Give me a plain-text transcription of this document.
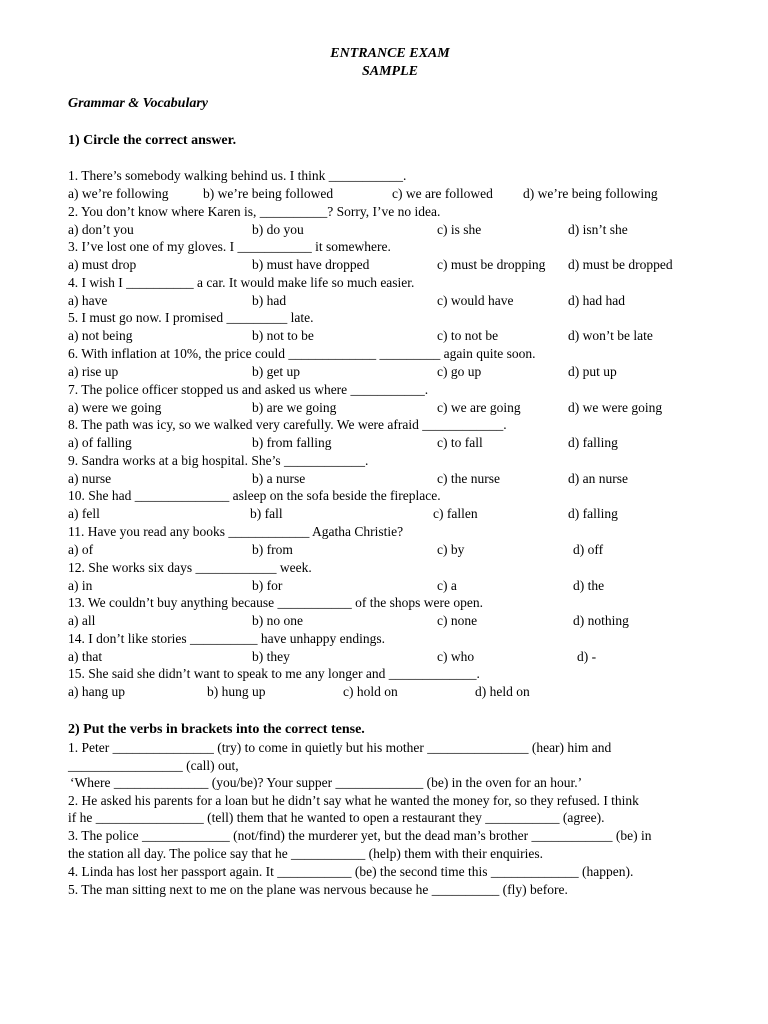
ENTRANCE EXAM
SAMPLE
Grammar & Vocabulary
1) Circle the correct answer.
1. There’s somebody walking behind us. I think ___________.
a) we’re following	b) we’re being followed	c) we are followed d) we’re being following
2. You don’t know where Karen is, __________? Sorry, I’ve no idea.
a) don’t you	b) do you	c) is she	d) isn’t she
3. I’ve lost one of my gloves. I ___________ it somewhere.
a) must drop	b) must have dropped	c) must be dropping d) must be dropped
4. I wish I __________ a car. It would make life so much easier.
a) have	b) had	c) would have	d) had had
5. I must go now. I promised _________ late.
a) not being	b) not to be	c) to not be	d) won’t be late
6. With inflation at 10%, the price could _____________ _________ again quite soon.
a) rise up	b) get up	c) go up	d) put up
7. The police officer stopped us and asked us where ___________.
a) were we going	b) are we going	c) we are going	d) we were going
8. The path was icy, so we walked very carefully. We were afraid ____________.
a) of falling	b) from falling	c) to fall	d) falling
9. Sandra works at a big hospital. She’s ____________.
a) nurse	b) a nurse	c) the nurse	d) an nurse
10. She had ______________ asleep on the sofa beside the fireplace.
a) fell	b) fall	c) fallen	d) falling
11. Have you read any books ____________ Agatha Christie?
a) of	b) from	c) by	d) off
12. She works six days ____________ week.
a) in	b) for	c) a	d) the
13. We couldn’t buy anything because ___________ of the shops were open.
a) all	b) no one	c) none	d) nothing
14. I don’t like stories __________ have unhappy endings.
a) that	b) they	c) who	d) -
15. She said she didn’t want to speak to me any longer and _____________.
a) hang up	b) hung up	c) hold on	d) held on
2) Put the verbs in brackets into the correct tense.
1. Peter _______________ (try) to come in quietly but his mother _______________ (hear) him and
_________________ (call) out,
‘Where ______________ (you/be)? Your supper _____________ (be) in the oven for an hour.’
2. He asked his parents for a loan but he didn’t say what he wanted the money for, so they refused. I think
if he ________________ (tell) them that he wanted to open a restaurant they ___________ (agree).
3. The police _____________ (not/find) the murderer yet, but the dead man’s brother ____________ (be) in
the station all day. The police say that he ___________ (help) them with their enquiries.
4. Linda has lost her passport again. It ___________ (be) the second time this _____________ (happen).
5. The man sitting next to me on the plane was nervous because he __________ (fly) before.
